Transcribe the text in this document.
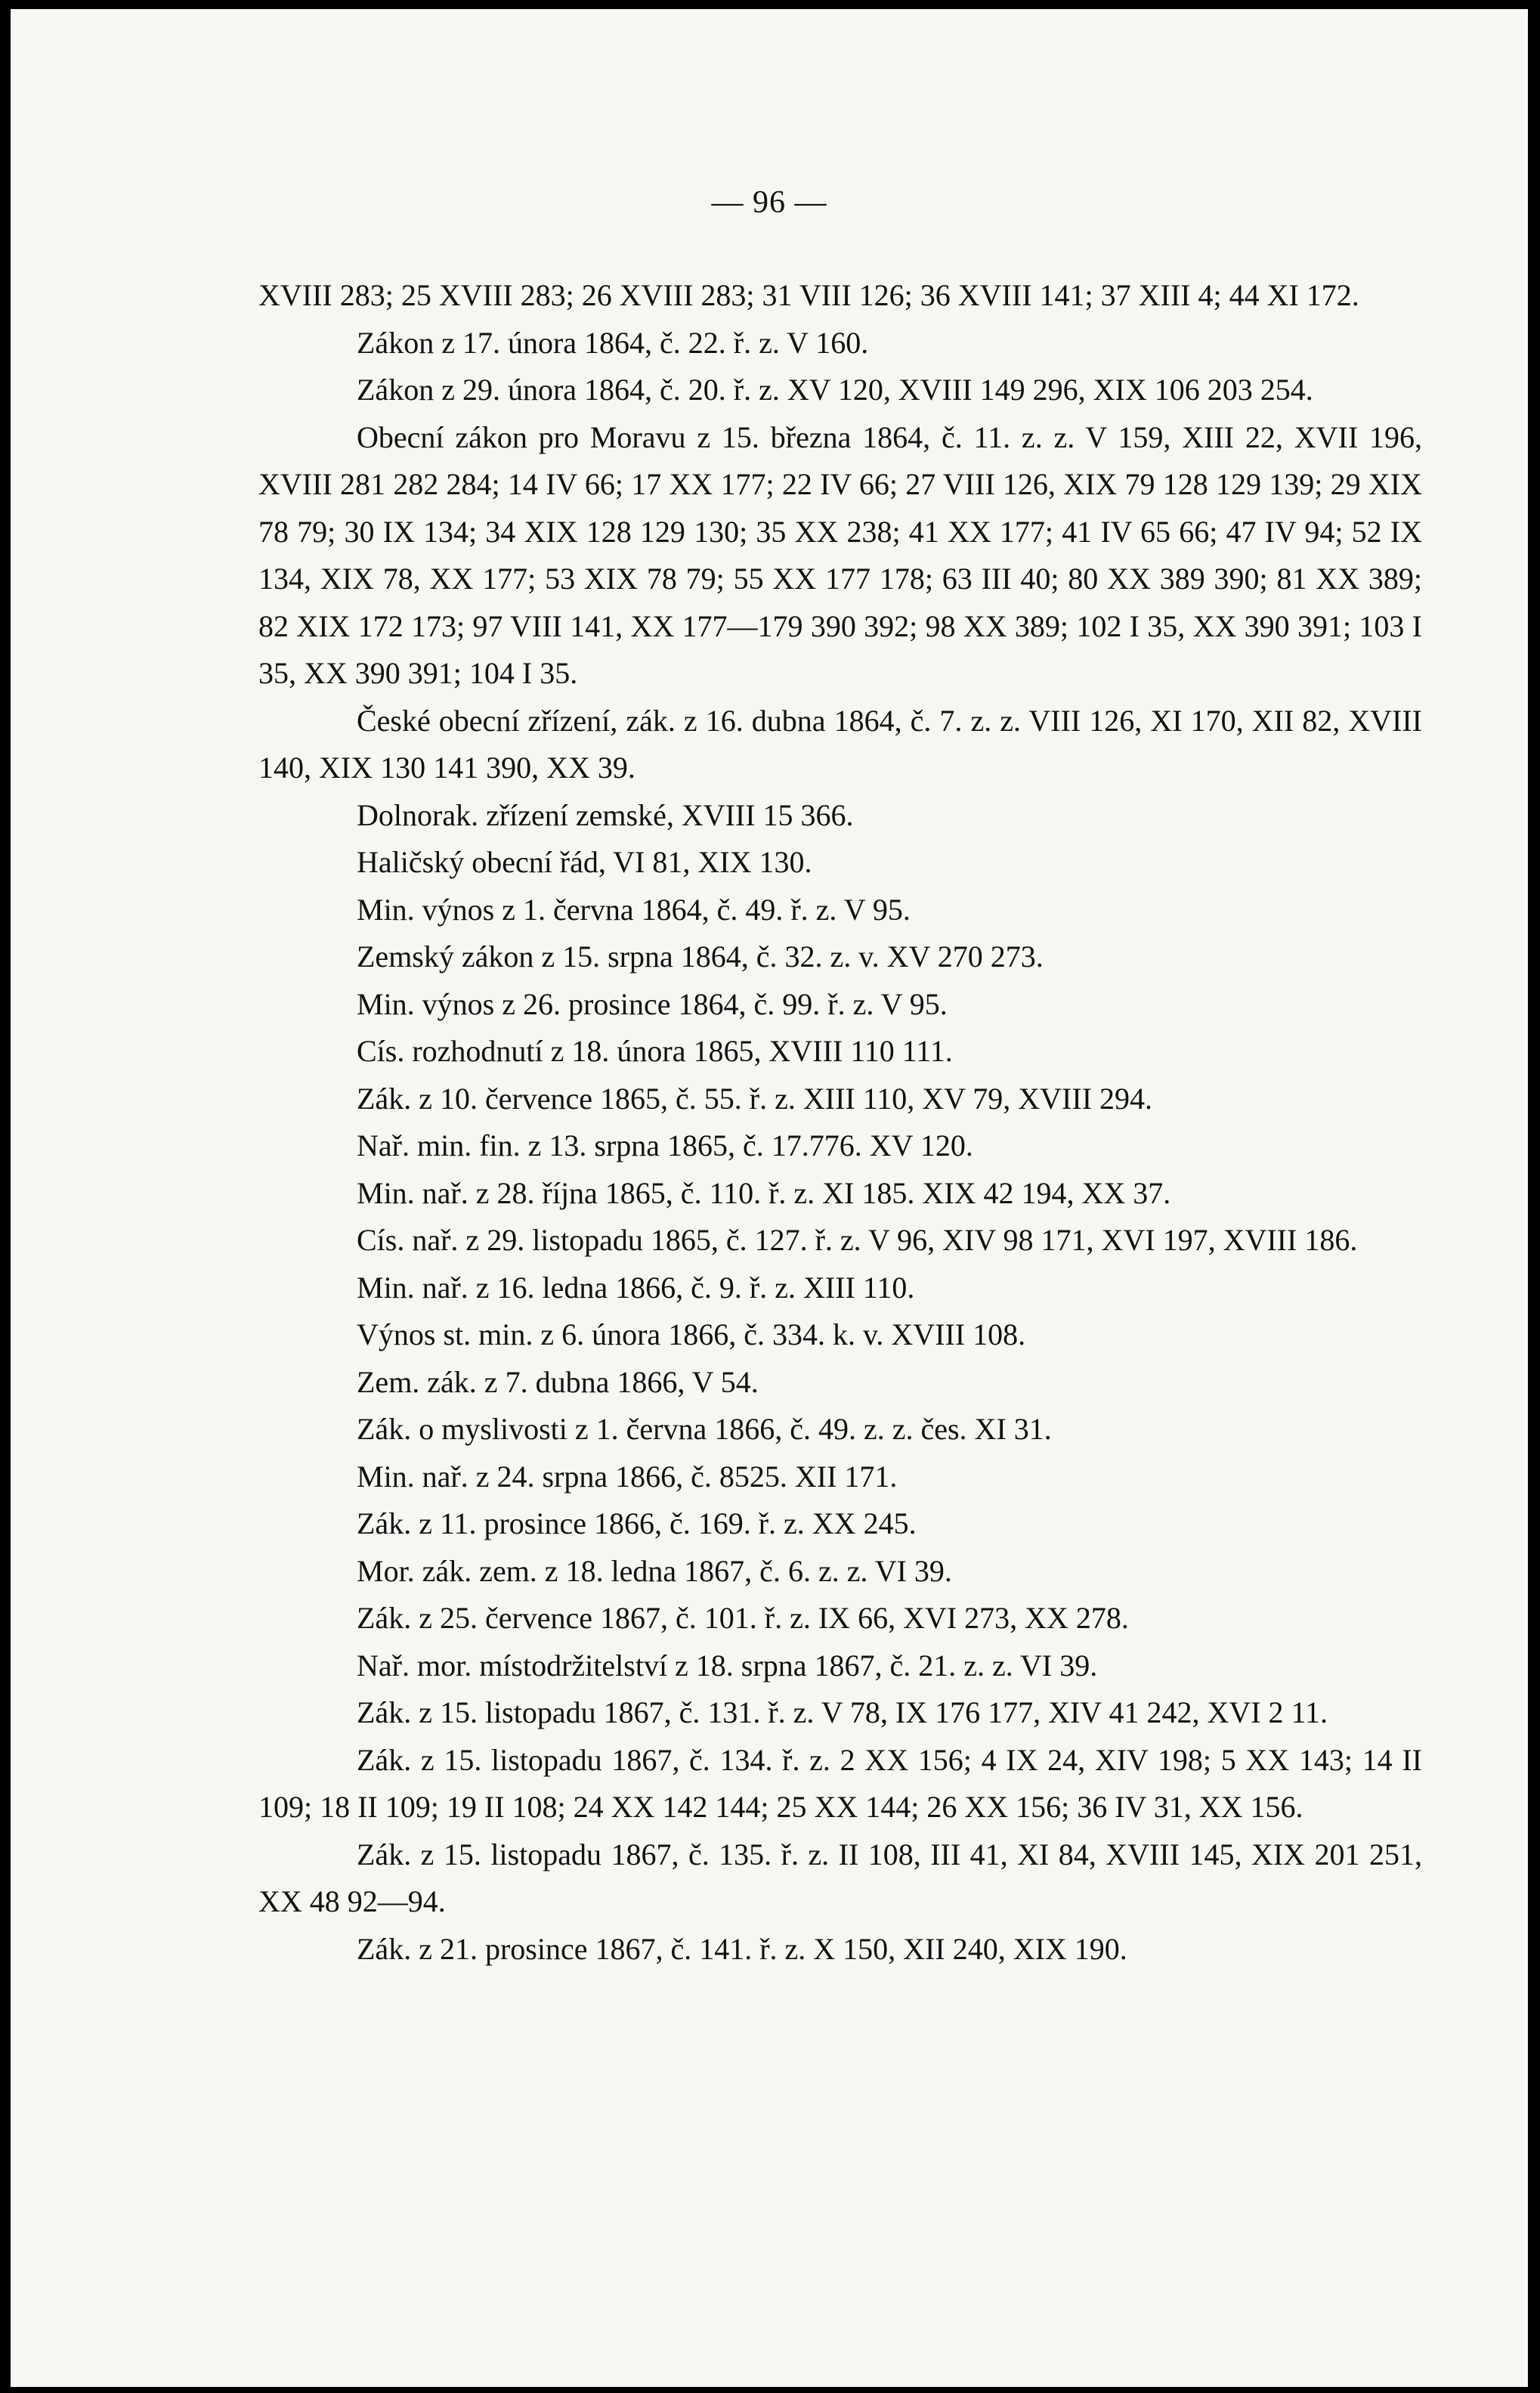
— 96 —

XVIII 283; 25 XVIII 283; 26 XVIII 283; 31 VIII 126; 36 XVIII 141; 37 XIII 4; 44 XI 172.

Zákon z 17. února 1864, č. 22. ř. z. V 160.

Zákon z 29. února 1864, č. 20. ř. z. XV 120, XVIII 149 296, XIX 106 203 254.

Obecní zákon pro Moravu z 15. března 1864, č. 11. z. z. V 159, XIII 22, XVII 196, XVIII 281 282 284; 14 IV 66; 17 XX 177; 22 IV 66; 27 VIII 126, XIX 79 128 129 139; 29 XIX 78 79; 30 IX 134; 34 XIX 128 129 130; 35 XX 238; 41 XX 177; 41 IV 65 66; 47 IV 94; 52 IX 134, XIX 78, XX 177; 53 XIX 78 79; 55 XX 177 178; 63 III 40; 80 XX 389 390; 81 XX 389; 82 XIX 172 173; 97 VIII 141, XX 177—179 390 392; 98 XX 389; 102 I 35, XX 390 391; 103 I 35, XX 390 391; 104 I 35.

České obecní zřízení, zák. z 16. dubna 1864, č. 7. z. z. VIII 126, XI 170, XII 82, XVIII 140, XIX 130 141 390, XX 39.

Dolnorak. zřízení zemské, XVIII 15 366.

Haličský obecní řád, VI 81, XIX 130.

Min. výnos z 1. června 1864, č. 49. ř. z. V 95.

Zemský zákon z 15. srpna 1864, č. 32. z. v. XV 270 273.

Min. výnos z 26. prosince 1864, č. 99. ř. z. V 95.

Cís. rozhodnutí z 18. února 1865, XVIII 110 111.

Zák. z 10. července 1865, č. 55. ř. z. XIII 110, XV 79, XVIII 294.

Nař. min. fin. z 13. srpna 1865, č. 17.776. XV 120.

Min. nař. z 28. října 1865, č. 110. ř. z. XI 185. XIX 42 194, XX 37.

Cís. nař. z 29. listopadu 1865, č. 127. ř. z. V 96, XIV 98 171, XVI 197, XVIII 186.

Min. nař. z 16. ledna 1866, č. 9. ř. z. XIII 110.

Výnos st. min. z 6. února 1866, č. 334. k. v. XVIII 108.

Zem. zák. z 7. dubna 1866, V 54.

Zák. o myslivosti z 1. června 1866, č. 49. z. z. čes. XI 31.

Min. nař. z 24. srpna 1866, č. 8525. XII 171.

Zák. z 11. prosince 1866, č. 169. ř. z. XX 245.

Mor. zák. zem. z 18. ledna 1867, č. 6. z. z. VI 39.

Zák. z 25. července 1867, č. 101. ř. z. IX 66, XVI 273, XX 278.

Nař. mor. místodržitelství z 18. srpna 1867, č. 21. z. z. VI 39.

Zák. z 15. listopadu 1867, č. 131. ř. z. V 78, IX 176 177, XIV 41 242, XVI 2 11.

Zák. z 15. listopadu 1867, č. 134. ř. z. 2 XX 156; 4 IX 24, XIV 198; 5 XX 143; 14 II 109; 18 II 109; 19 II 108; 24 XX 142 144; 25 XX 144; 26 XX 156; 36 IV 31, XX 156.

Zák. z 15. listopadu 1867, č. 135. ř. z. II 108, III 41, XI 84, XVIII 145, XIX 201 251, XX 48 92—94.

Zák. z 21. prosince 1867, č. 141. ř. z. X 150, XII 240, XIX 190.
